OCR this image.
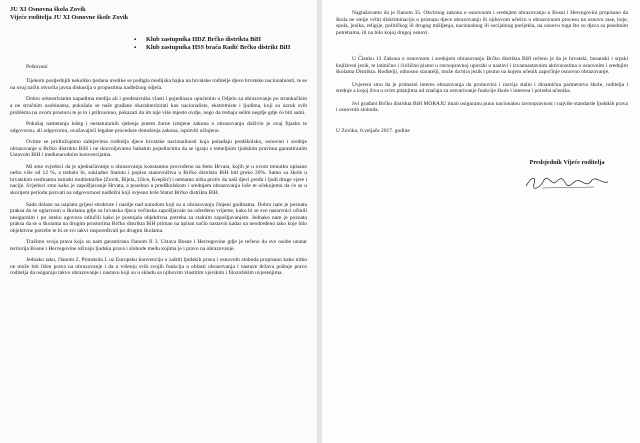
JU XI Osnovna škola Zovik
Vijeće roditelja JU XI Osnovne škole Zovik
▪	Klub zastupnika HDZ Brčko distrikta BiH
▪	Klub zastupnika HSS braća Radić Brčko distrikt BiH

Poštovani

Tijekom posljednjih nekoliko tjedana uvelike se podigla medijska hajka na hrvatske roditelje djece hrvatske nacionalnosti, te se na ovaj način otvorila javna diskusija o propustima nadležnog odjela.

Dobro orkestriranim napadima medija ali i predstavnika vlasti i pojedinaca upućenim u Odjelu za obrazovanje po strankačkim a ne stručnim osobinama, pokušalo se naše građane okarakterizirati kao nacionaliste, ekstremiste i ljudima, koji su uzrok svih problema na ovom prostoru te je to i prihvaćeno, pokazati da im nije više mjesto ovdje, nego da trebaju selim negdje gdje će biti sami.

Pokušaj nametanja lošeg i nestatutarnih rješenja putem žurne izmjene zakona o obrazovanju doživio je ovaj fijasko te odgovornu, ali odgovornu, uvažavajući legalne procedure donošenja zakona, ispraviti učinjeno.

Ovime se pridružujemo zahtjevima roditelja djece hrvatske nacionalnosti koja pohađaju predškolsko, osnovno i srednje obrazovanje u Brčko distriktu BiH i ne dozvoljavamo bahatim pojedincima da se igraju s temeljnim ljudskim pravima garantiranim Ustavom BiH i međunarodnim konvencijama.

Mi smo svjedoci da je ujednačavanje u obrazovanju konstantno provođeno na štetu Hrvata, kojih je u ovom trenutku upisano nešto više od 12 %, a trebalo bi, sukladno Statutu i popisu stanovništva u Brčko distriktu BiH biti preko 20%. Samo su škole u hrvatskim sredinama istinski multietničke (Zovik, Bijela, Ulice, Krepšić) i nemamo ništa protiv da naši djeci pređu i ljudi druge vjere i nacije. Svjedoci smo kako je zapošljavanje Hrvata, a posebno u predškolskom i srednjem obrazovanju loše te očekujemo da će se u skorijem periodu pozvati na odgovornost nadležni koji svjesno krše Statut Brčko distrikta BiH.

Sada dolaze na naplatu grijesi strukture i nasilje nad narodom koji su u obrazovanju činjeni godinama. Dobro nam je poznata praksa da se uglavnom u školama gdje su hrvatska djeca većinska zapošljavalo na određeno vrijeme, kako bi se sve nastavnici učinili nesigurnim i po isteku ugovora odlučili kako je postojala objektivna potreba za stalnim zapošljavanjem. Jednako nam je poznata praksa da se u školama na drugim prostorima Brčko distrikta BiH primao na upitan način nastavni kadar na neodređeno tako koje bilo objektivne potrebe te bi se svi takvi raspoređivali po drugim školama.

Tražimo svoja prava koja su nam garantirana članom II 3. Ustava Bosne i Hercegovine gdje je rečeno da sve osobe unutar teritorija Bosne i Hercegovine uživaju ljudska prava i slobode među kojima je i pravo na obrazovanje.

Jednako tako, članom 2. Protokola I. uz Europsku konvenciju o zaštiti ljudskih prava i osnovnih sloboda propisano kako nitko ne može biti lišen prava na obrazovanje i da u vršenju svih svojih funkcija u oblasti obrazovanja i nastave država poštuje pravo roditelja da osiguraju takvo obrazovanje i nastavu koji su u skladu sa njihovim vlastitim vjerskim i filozofskim uvjerenjima.

Naglašavamo da je članom 35. Okvirnog zakona o osnovnom i srednjem obrazovanju u Bosni i Hercegovini propisano da škola ne smije vršiti diskriminaciju u pristupu djece obrazovanju ili njihovom učešću u obrazovnom procesu na osnovu rase, boje, spola, jezika, religije, političkog ili drugog mišljenja, nacionalnog ili socijalnog porijekla, na osnovu toga što su djeca sa posebnim potrebama, ili na bilo kojoj drugoj osnovi.

U Članku 13 Zakona o osnovnom i srednjem obrazovanju Brčko distrikta BiH rečeno je da je hrvatski, bosanski i srpski književni jezik, te latinično i ćirilično pismo u ravnopravnoj uporabi u nastavi i izvannastavnim aktivnostima u osnovnim i srednjim školama Distrikta. Roditelji, odnosno staratelji, može da bira jezik i pismo na kojem učenik započinje osnovno obrazovanje.

Uvjereni smo da je primarni interes obrazovanja da promovira i razvija stalni i dinamičnu partnerstvo škole, roditelja i srednje a kojoj živa u svim pitanjima od značaja za ostvarivanje funkcije škole i interesa i potreba učenika.

Svi građani Brčko distrikta BiH MORAJU imati osiguranu punu nacionalnu ravnopravnost i najviše standarde ljudskih prava i osnovnih sloboda.

U Zoviku, 6.veljače 2017. godine

Predsjednik Vijeće roditelja
